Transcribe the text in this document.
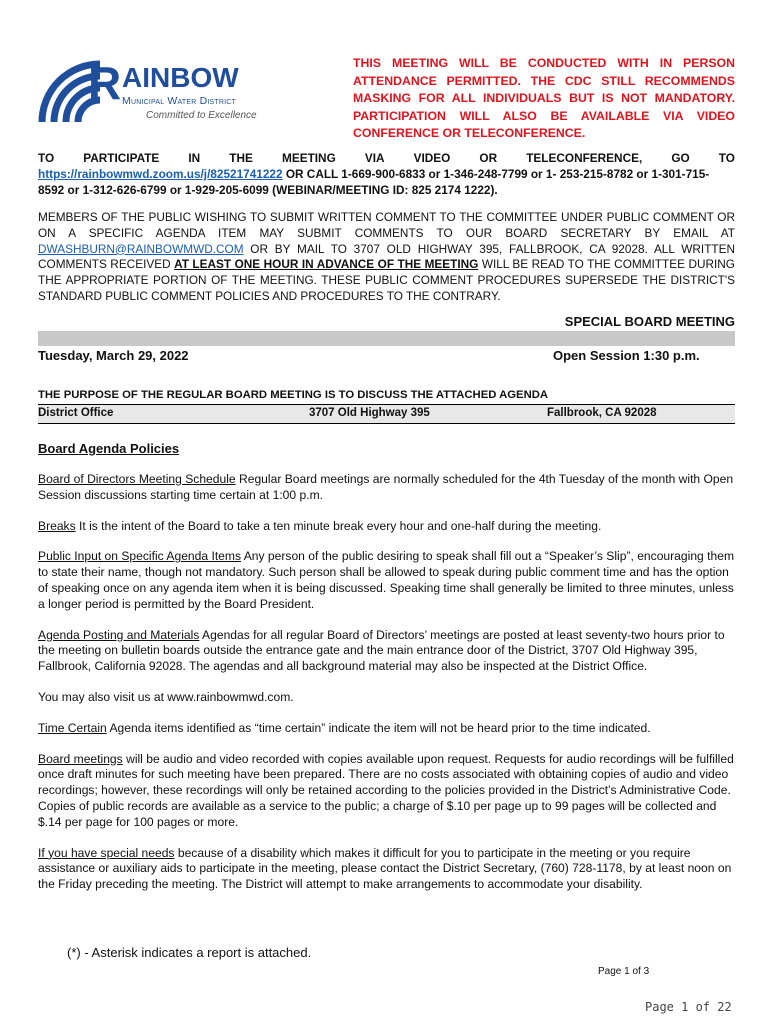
R AINBOW
Municipal Water District
Committed to Excellence
THIS MEETING WILL BE CONDUCTED WITH IN PERSON ATTENDANCE PERMITTED. THE CDC STILL RECOMMENDS MASKING FOR ALL INDIVIDUALS BUT IS NOT MANDATORY. PARTICIPATION WILL ALSO BE AVAILABLE VIA VIDEO CONFERENCE OR TELECONFERENCE.
TO PARTICIPATE IN THE MEETING VIA VIDEO OR TELECONFERENCE, GO TO
https://rainbowmwd.zoom.us/j/82521741222 OR CALL 1-669-900-6833 or 1-346-248-7799 or 1- 253-215-8782 or 1-301-715-8592 or 1-312-626-6799 or 1-929-205-6099 (WEBINAR/MEETING ID: 825 2174 1222).
MEMBERS OF THE PUBLIC WISHING TO SUBMIT WRITTEN COMMENT TO THE COMMITTEE UNDER PUBLIC COMMENT OR ON A SPECIFIC AGENDA ITEM MAY SUBMIT COMMENTS TO OUR BOARD SECRETARY BY EMAIL AT DWASHBURN@RAINBOWMWD.COM OR BY MAIL TO 3707 OLD HIGHWAY 395, FALLBROOK, CA 92028. ALL WRITTEN COMMENTS RECEIVED AT LEAST ONE HOUR IN ADVANCE OF THE MEETING WILL BE READ TO THE COMMITTEE DURING THE APPROPRIATE PORTION OF THE MEETING. THESE PUBLIC COMMENT PROCEDURES SUPERSEDE THE DISTRICT'S STANDARD PUBLIC COMMENT POLICIES AND PROCEDURES TO THE CONTRARY.
SPECIAL BOARD MEETING
Tuesday, March 29, 2022	Open Session 1:30 p.m.
THE PURPOSE OF THE REGULAR BOARD MEETING IS TO DISCUSS THE ATTACHED AGENDA
District Office	3707 Old Highway 395	Fallbrook, CA 92028
Board Agenda Policies

Board of Directors Meeting Schedule Regular Board meetings are normally scheduled for the 4th Tuesday of the month with Open Session discussions starting time certain at 1:00 p.m.

Breaks It is the intent of the Board to take a ten minute break every hour and one-half during the meeting.

Public Input on Specific Agenda Items Any person of the public desiring to speak shall fill out a “Speaker’s Slip”, encouraging them to state their name, though not mandatory. Such person shall be allowed to speak during public comment time and has the option of speaking once on any agenda item when it is being discussed. Speaking time shall generally be limited to three minutes, unless a longer period is permitted by the Board President.

Agenda Posting and Materials Agendas for all regular Board of Directors’ meetings are posted at least seventy-two hours prior to the meeting on bulletin boards outside the entrance gate and the main entrance door of the District, 3707 Old Highway 395, Fallbrook, California 92028. The agendas and all background material may also be inspected at the District Office.

You may also visit us at www.rainbowmwd.com.

Time Certain Agenda items identified as “time certain” indicate the item will not be heard prior to the time indicated.

Board meetings will be audio and video recorded with copies available upon request. Requests for audio recordings will be fulfilled once draft minutes for such meeting have been prepared. There are no costs associated with obtaining copies of audio and video recordings; however, these recordings will only be retained according to the policies provided in the District’s Administrative Code. Copies of public records are available as a service to the public; a charge of $.10 per page up to 99 pages will be collected and $.14 per page for 100 pages or more.

If you have special needs because of a disability which makes it difficult for you to participate in the meeting or you require assistance or auxiliary aids to participate in the meeting, please contact the District Secretary, (760) 728-1178, by at least noon on the Friday preceding the meeting. The District will attempt to make arrangements to accommodate your disability.

(*) - Asterisk indicates a report is attached.
Page 1 of 3
Page 1 of 22
